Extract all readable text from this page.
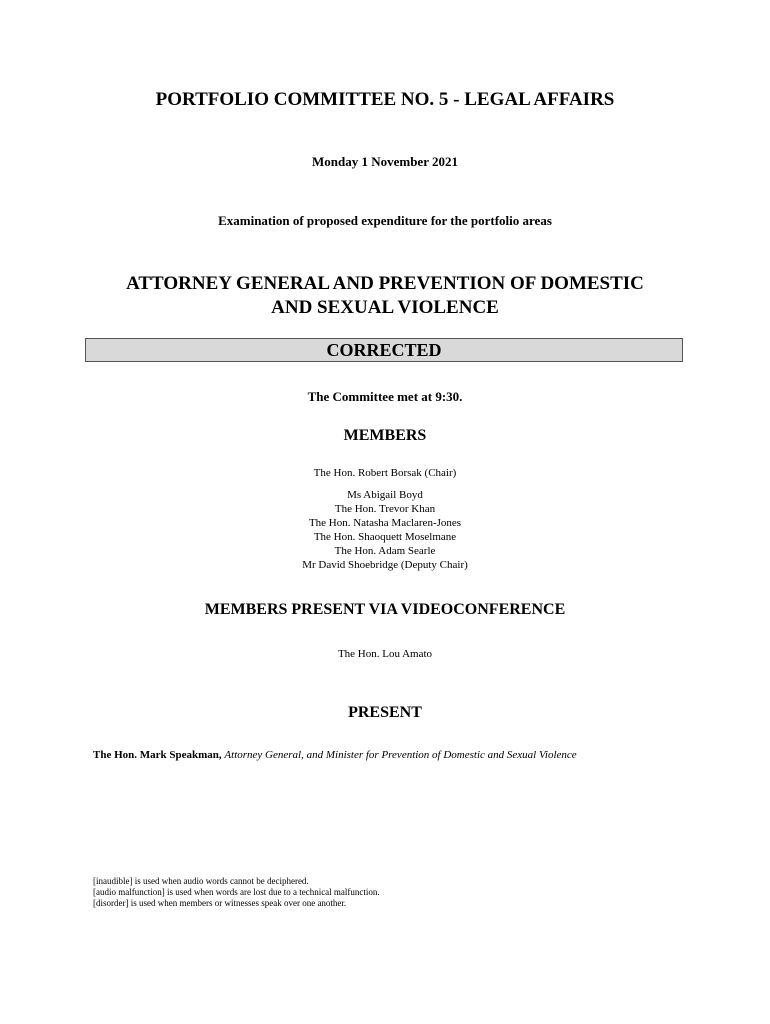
PORTFOLIO COMMITTEE NO. 5 - LEGAL AFFAIRS

Monday 1 November 2021

Examination of proposed expenditure for the portfolio areas

ATTORNEY GENERAL AND PREVENTION OF DOMESTIC
AND SEXUAL VIOLENCE
CORRECTED

The Committee met at 9:30.

MEMBERS

The Hon. Robert Borsak (Chair)

Ms Abigail Boyd
The Hon. Trevor Khan
The Hon. Natasha Maclaren-Jones
The Hon. Shaoquett Moselmane
The Hon. Adam Searle
Mr David Shoebridge (Deputy Chair)
MEMBERS PRESENT VIA VIDEOCONFERENCE

The Hon. Lou Amato

PRESENT

The Hon. Mark Speakman, Attorney General, and Minister for Prevention of Domestic and Sexual Violence

[inaudible] is used when audio words cannot be deciphered.
[audio malfunction] is used when words are lost due to a technical malfunction.
[disorder] is used when members or witnesses speak over one another.
